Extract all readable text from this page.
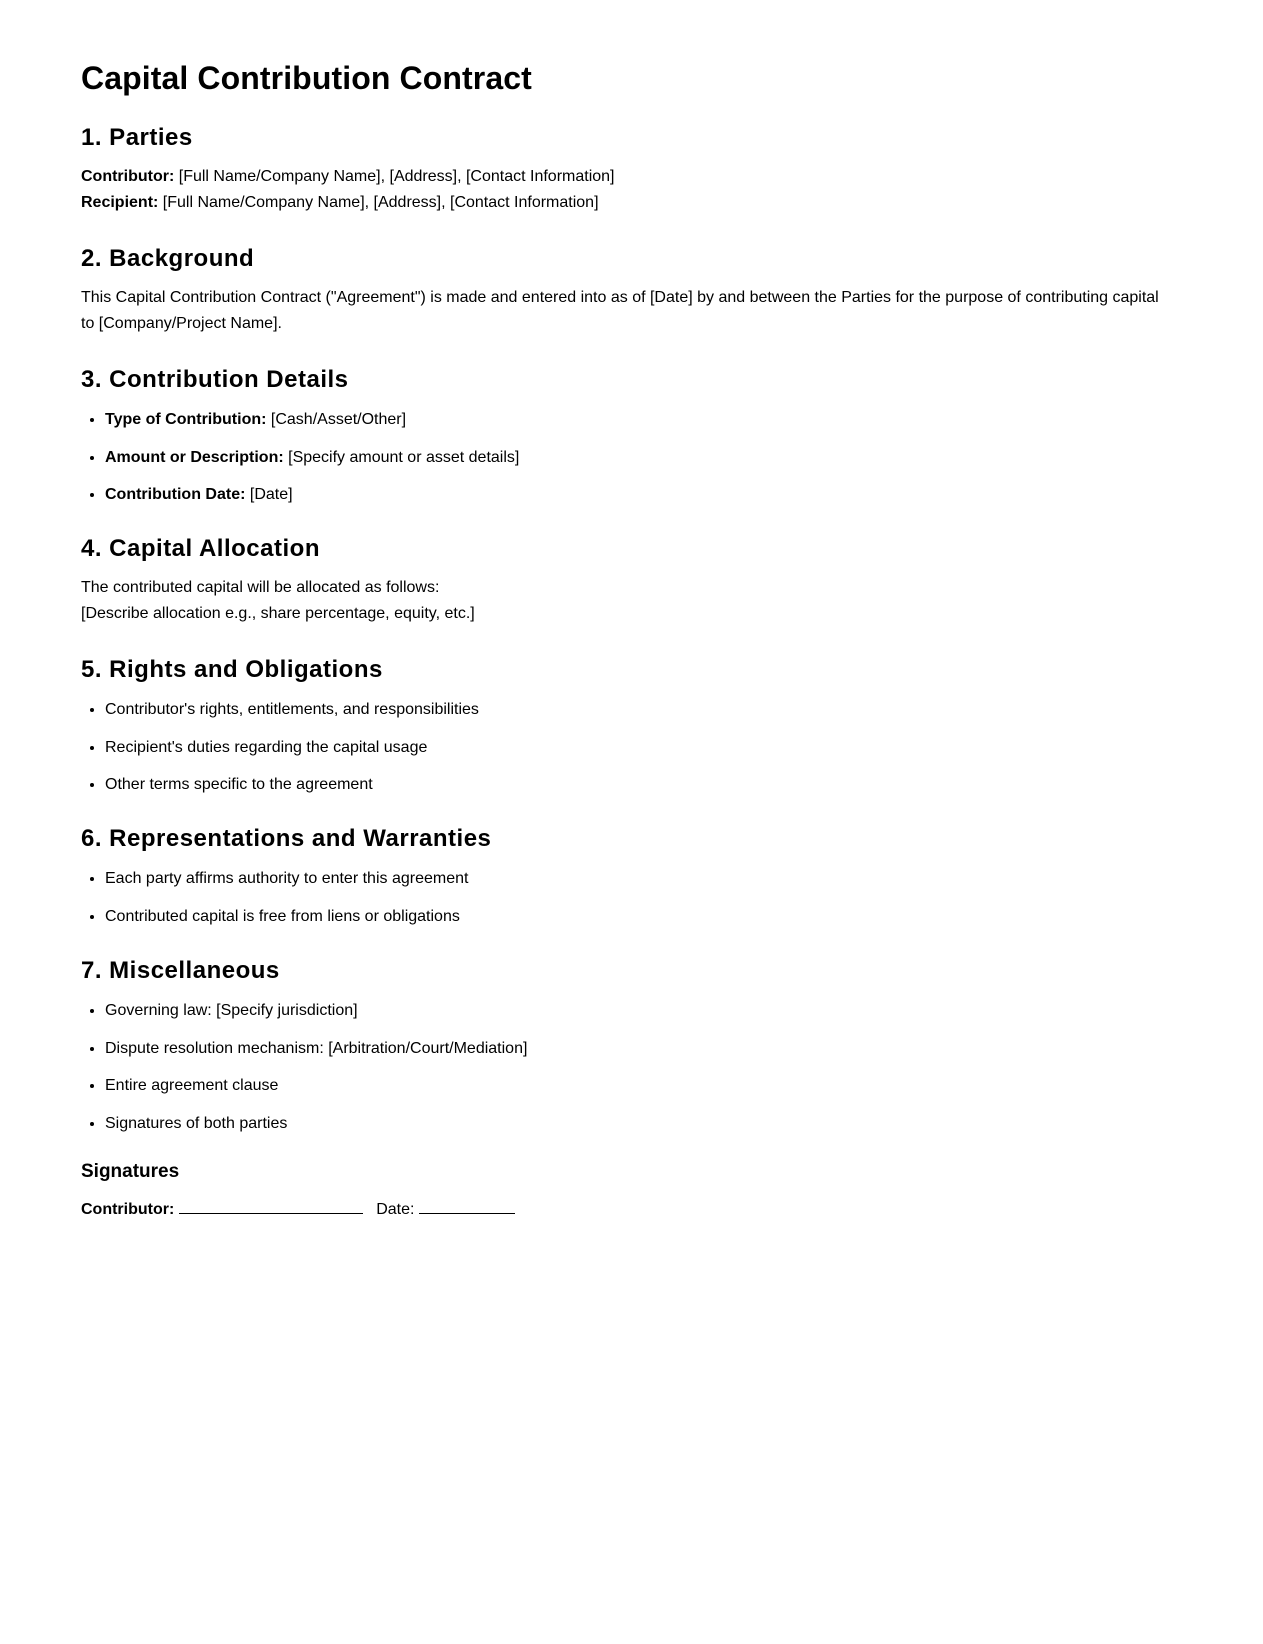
Capital Contribution Contract
1. Parties

Contributor: [Full Name/Company Name], [Address], [Contact Information]

Recipient: [Full Name/Company Name], [Address], [Contact Information]

2. Background

This Capital Contribution Contract ("Agreement") is made and entered into as of [Date] by and between the Parties for the purpose of contributing capital to [Company/Project Name].

3. Contribution Details
• Type of Contribution: [Cash/Asset/Other]
• Amount or Description: [Specify amount or asset details]
• Contribution Date: [Date]
4. Capital Allocation

The contributed capital will be allocated as follows:

[Describe allocation e.g., share percentage, equity, etc.]

5. Rights and Obligations
• Contributor's rights, entitlements, and responsibilities
• Recipient's duties regarding the capital usage
• Other terms specific to the agreement
6. Representations and Warranties
• Each party affirms authority to enter this agreement
• Contributed capital is free from liens or obligations
7. Miscellaneous
• Governing law: [Specify jurisdiction]
• Dispute resolution mechanism: [Arbitration/Court/Mediation]
• Entire agreement clause
• Signatures of both parties
Signatures

Contributor:	Date:
